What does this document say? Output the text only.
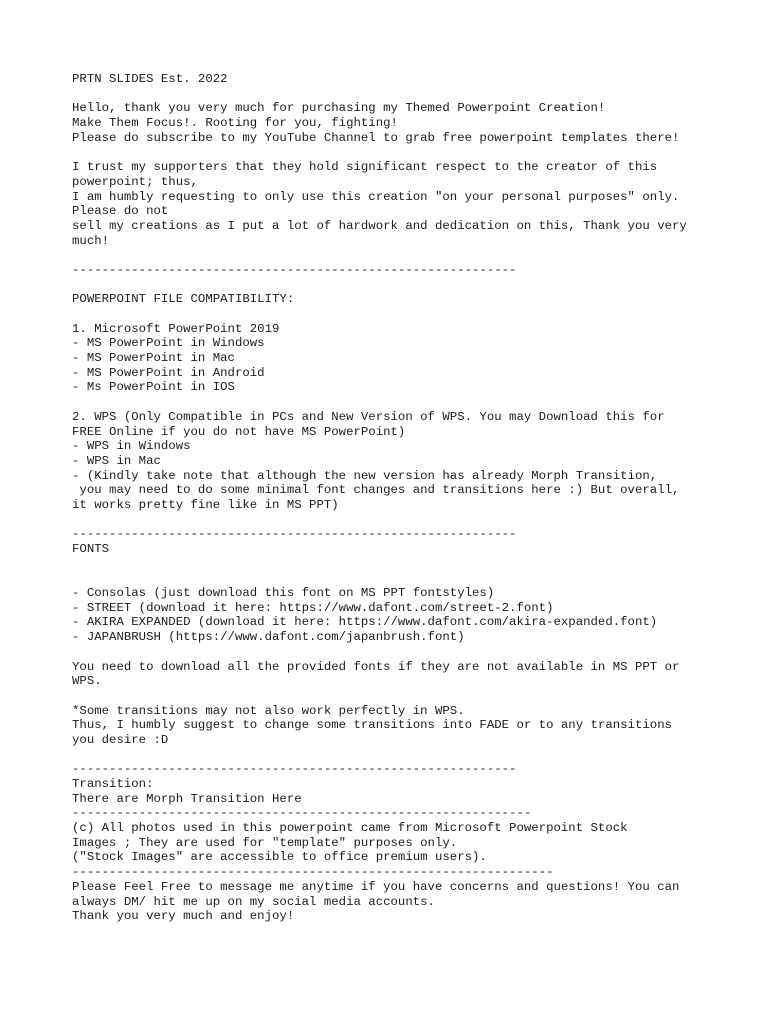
PRTN SLIDES Est. 2022
Hello, thank you very much for purchasing my Themed Powerpoint Creation!
Make Them Focus!. Rooting for you, fighting!
Please do subscribe to my YouTube Channel to grab free powerpoint templates there!
I trust my supporters that they hold significant respect to the creator of this
powerpoint; thus,
I am humbly requesting to only use this creation "on your personal purposes" only.
Please do not
sell my creations as I put a lot of hardwork and dedication on this, Thank you very
much!
------------------------------------------------------------
POWERPOINT FILE COMPATIBILITY:
1. Microsoft PowerPoint 2019
- MS PowerPoint in Windows
- MS PowerPoint in Mac
- MS PowerPoint in Android
- Ms PowerPoint in IOS
2. WPS (Only Compatible in PCs and New Version of WPS. You may Download this for
FREE Online if you do not have MS PowerPoint)
- WPS in Windows
- WPS in Mac
- (Kindly take note that although the new version has already Morph Transition,
you may need to do some minimal font changes and transitions here :) But overall,
it works pretty fine like in MS PPT)
------------------------------------------------------------
FONTS
- Consolas (just download this font on MS PPT fontstyles)
- STREET (download it here: https://www.dafont.com/street-2.font)
- AKIRA EXPANDED (download it here: https://www.dafont.com/akira-expanded.font)
- JAPANBRUSH (https://www.dafont.com/japanbrush.font)
You need to download all the provided fonts if they are not available in MS PPT or
WPS.
*Some transitions may not also work perfectly in WPS.
Thus, I humbly suggest to change some transitions into FADE or to any transitions
you desire :D
------------------------------------------------------------
Transition:
There are Morph Transition Here
--------------------------------------------------------------
(c) All photos used in this powerpoint came from Microsoft Powerpoint Stock
Images ; They are used for "template" purposes only.
("Stock Images" are accessible to office premium users).
-----------------------------------------------------------------
Please Feel Free to message me anytime if you have concerns and questions! You can
always DM/ hit me up on my social media accounts.
Thank you very much and enjoy!
